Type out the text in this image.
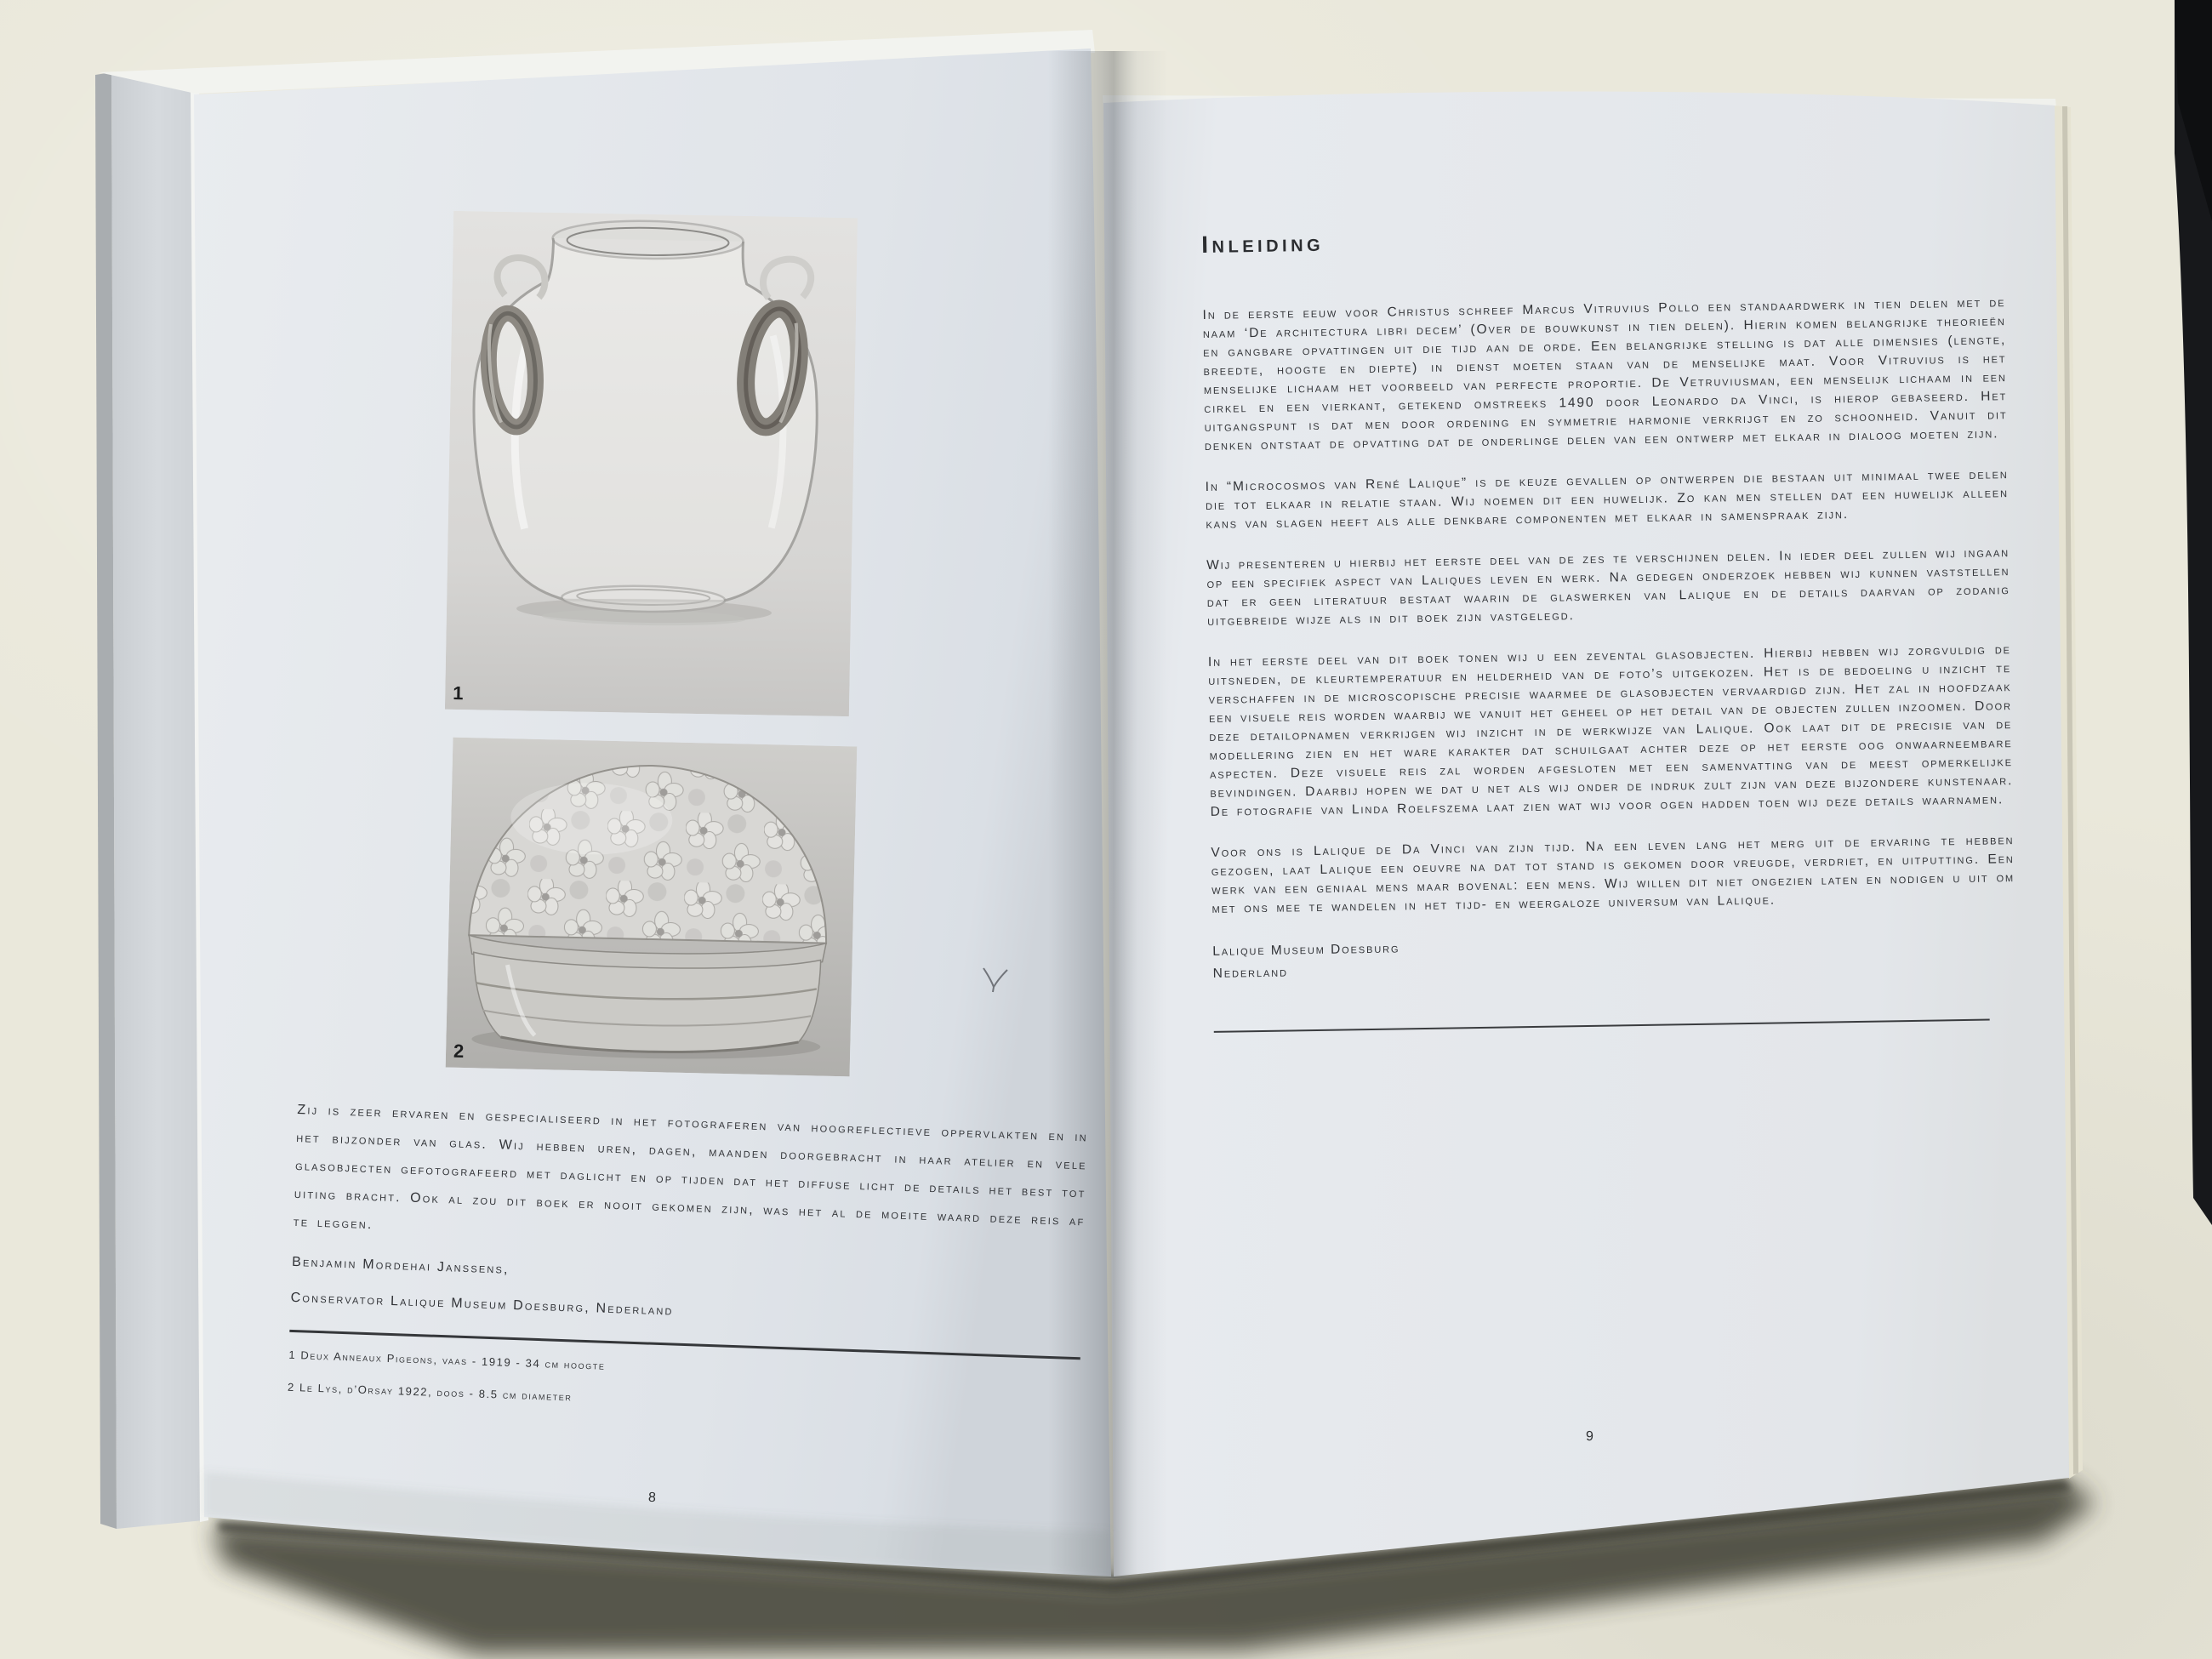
1
2

Zij is zeer ervaren en gespecialiseerd in het fotograferen van hoogreflectieve oppervlakten en in het bijzonder van glas. Wij hebben uren, dagen, maanden doorgebracht in haar atelier en vele glasobjecten gefotografeerd met daglicht en op tijden dat het diffuse licht de details het best tot uiting bracht. Ook al zou dit boek er nooit gekomen zijn, was het al de moeite waard deze reis af te leggen.

Benjamin Mordehai Janssens,
Conservator Lalique Museum Doesburg, Nederland
1 Deux Anneaux Pigeons, vaas - 1919 - 34 cm hoogte
2 Le Lys, d’Orsay 1922, doos - 8.5 cm diameter
Inleiding

In de eerste eeuw voor Christus schreef Marcus Vitruvius Pollo een standaardwerk in tien delen met de naam ‘De architectura libri decem’ (Over de bouwkunst in tien delen). Hierin komen belangrijke theorieën en gangbare opvattingen uit die tijd aan de orde. Een belangrijke stelling is dat alle dimensies (lengte, breedte, hoogte en diepte) in dienst moeten staan van de menselijke maat. Voor Vitruvius is het menselijke lichaam het voorbeeld van perfecte proportie. De Vetruviusman, een menselijk lichaam in een cirkel en een vierkant, getekend omstreeks 1490 door Leonardo da Vinci, is hierop gebaseerd. Het uitgangspunt is dat men door ordening en symmetrie harmonie verkrijgt en zo schoonheid. Vanuit dit denken ontstaat de opvatting dat de onderlinge delen van een ontwerp met elkaar in dialoog moeten zijn.

In “Microcosmos van René Lalique” is de keuze gevallen op ontwerpen die bestaan uit minimaal twee delen die tot elkaar in relatie staan. Wij noemen dit een huwelijk. Zo kan men stellen dat een huwelijk alleen kans van slagen heeft als alle denkbare componenten met elkaar in samenspraak zijn.

Wij presenteren u hierbij het eerste deel van de zes te verschijnen delen. In ieder deel zullen wij ingaan op een specifiek aspect van Laliques leven en werk. Na gedegen onderzoek hebben wij kunnen vaststellen dat er geen literatuur bestaat waarin de glaswerken van Lalique en de details daarvan op zodanig uitgebreide wijze als in dit boek zijn vastgelegd.

In het eerste deel van dit boek tonen wij u een zevental glasobjecten. Hierbij hebben wij zorgvuldig de uitsneden, de kleurtemperatuur en helderheid van de foto’s uitgekozen. Het is de bedoeling u inzicht te verschaffen in de microscopische precisie waarmee de glasobjecten vervaardigd zijn. Het zal in hoofdzaak een visuele reis worden waarbij we vanuit het geheel op het detail van de objecten zullen inzoomen. Door deze detailopnamen verkrijgen wij inzicht in de werkwijze van Lalique. Ook laat dit de precisie van de modellering zien en het ware karakter dat schuilgaat achter deze op het eerste oog onwaarneembare aspecten. Deze visuele reis zal worden afgesloten met een samenvatting van de meest opmerkelijke bevindingen. Daarbij hopen we dat u net als wij onder de indruk zult zijn van deze bijzondere kunstenaar. De fotografie van Linda Roelfszema laat zien wat wij voor ogen hadden toen wij deze details waarnamen.

Voor ons is Lalique de Da Vinci van zijn tijd. Na een leven lang het merg uit de ervaring te hebben gezogen, laat Lalique een oeuvre na dat tot stand is gekomen door vreugde, verdriet, en uitputting. Een werk van een geniaal mens maar bovenal: een mens. Wij willen dit niet ongezien laten en nodigen u uit om met ons mee te wandelen in het tijd- en weergaloze universum van Lalique.

Lalique Museum Doesburg
Nederland
8
9
